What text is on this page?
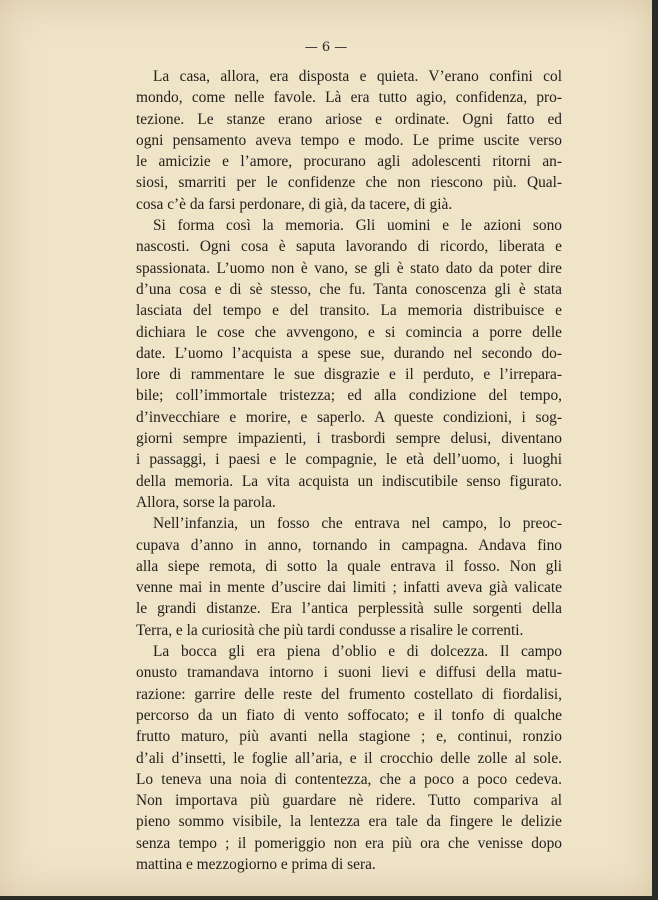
— 6 —
La casa, allora, era disposta e quieta. V’erano confini col
mondo, come nelle favole. Là era tutto agio, confidenza, pro-
tezione. Le stanze erano ariose e ordinate. Ogni fatto ed
ogni pensamento aveva tempo e modo. Le prime uscite verso
le amicizie e l’amore, procurano agli adolescenti ritorni an-
siosi, smarriti per le confidenze che non riescono più. Qual-
cosa c’è da farsi perdonare, di già, da tacere, di già.
Si forma così la memoria. Gli uomini e le azioni sono
nascosti. Ogni cosa è saputa lavorando di ricordo, liberata e
spassionata. L’uomo non è vano, se gli è stato dato da poter dire
d’una cosa e di sè stesso, che fu. Tanta conoscenza gli è stata
lasciata del tempo e del transito. La memoria distribuisce e
dichiara le cose che avvengono, e si comincia a porre delle
date. L’uomo l’acquista a spese sue, durando nel secondo do-
lore di rammentare le sue disgrazie e il perduto, e l’irrepara-
bile; coll’immortale tristezza; ed alla condizione del tempo,
d’invecchiare e morire, e saperlo. A queste condizioni, i sog-
giorni sempre impazienti, i trasbordi sempre delusi, diventano
i passaggi, i paesi e le compagnie, le età dell’uomo, i luoghi
della memoria. La vita acquista un indiscutibile senso figurato.
Allora, sorse la parola.
Nell’infanzia, un fosso che entrava nel campo, lo preoc-
cupava d’anno in anno, tornando in campagna. Andava fino
alla siepe remota, di sotto la quale entrava il fosso. Non gli
venne mai in mente d’uscire dai limiti ; infatti aveva già valicate
le grandi distanze. Era l’antica perplessità sulle sorgenti della
Terra, e la curiosità che più tardi condusse a risalire le correnti.
La bocca gli era piena d’oblio e di dolcezza. Il campo
onusto tramandava intorno i suoni lievi e diffusi della matu-
razione: garrire delle reste del frumento costellato di fiordalisi,
percorso da un fiato di vento soffocato; e il tonfo di qualche
frutto maturo, più avanti nella stagione ; e, continui, ronzio
d’ali d’insetti, le foglie all’aria, e il crocchio delle zolle al sole.
Lo teneva una noia di contentezza, che a poco a poco cedeva.
Non importava più guardare nè ridere. Tutto compariva al
pieno sommo visibile, la lentezza era tale da fingere le delizie
senza tempo ; il pomeriggio non era più ora che venisse dopo
mattina e mezzogiorno e prima di sera.
